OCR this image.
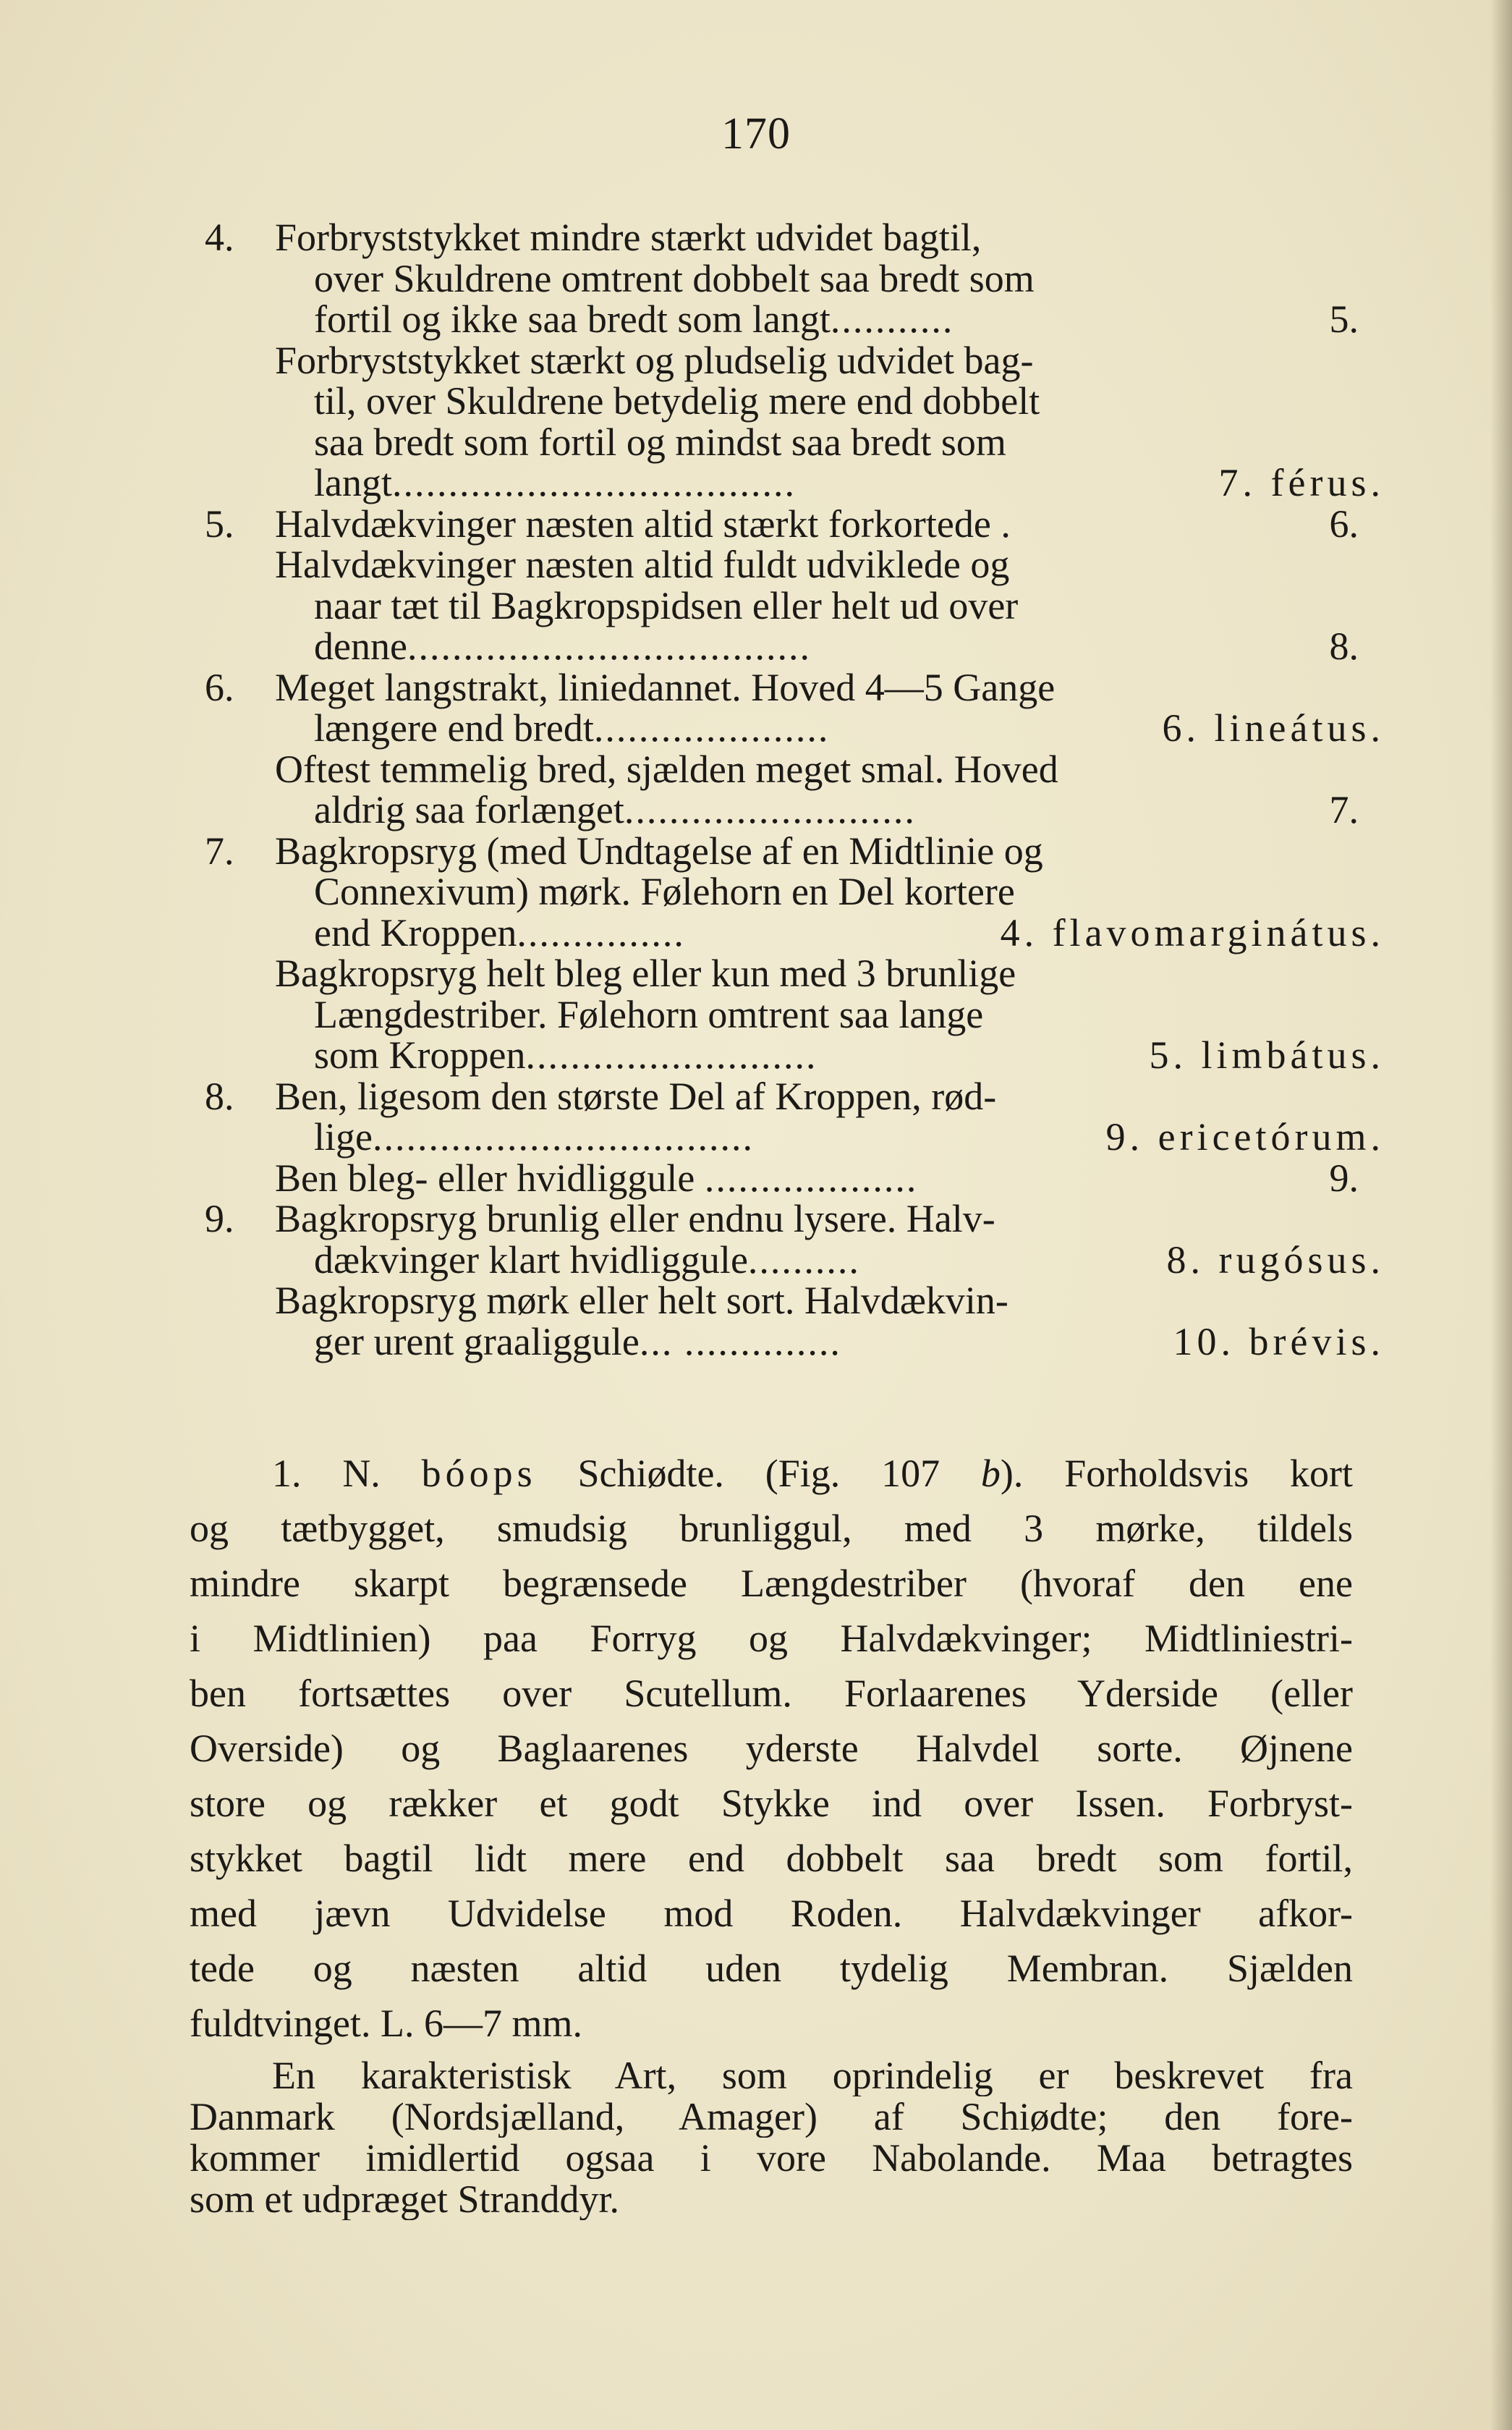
170
4. Forbryststykket mindre stærkt udvidet bagtil,
over Skuldrene omtrent dobbelt saa bredt som
fortil og ikke saa bredt som langt...........	5.
Forbryststykket stærkt og pludselig udvidet bag-
til, over Skuldrene betydelig mere end dobbelt
saa bredt som fortil og mindst saa bredt som
langt....................................	7. férus.
5. Halvdækvinger næsten altid stærkt forkortede .	6.
Halvdækvinger næsten altid fuldt udviklede og
naar tæt til Bagkropspidsen eller helt ud over
denne....................................	8.
6. Meget langstrakt, liniedannet. Hoved 4—5 Gange
længere end bredt.....................	6. lineátus.
Oftest temmelig bred, sjælden meget smal. Hoved
aldrig saa forlænget..........................	7.
7. Bagkropsryg (med Undtagelse af en Midtlinie og
Connexivum) mørk. Følehorn en Del kortere
end Kroppen...............	4. flavomarginátus.
Bagkropsryg helt bleg eller kun med 3 brunlige
Længdestriber. Følehorn omtrent saa lange
som Kroppen..........................	5. limbátus.
8. Ben, ligesom den største Del af Kroppen, rød-
lige..................................	9. ericetórum.
Ben bleg- eller hvidliggule ...................	9.
9. Bagkropsryg brunlig eller endnu lysere. Halv-
dækvinger klart hvidliggule..........	8. rugósus.
Bagkropsryg mørk eller helt sort. Halvdækvin-
ger urent graaliggule... ..............	10. brévis.
1. N. bóops Schiødte. (Fig. 107 b). Forholdsvis kort
og tætbygget, smudsig brunliggul, med 3 mørke, tildels
mindre skarpt begrænsede Længdestriber (hvoraf den ene
i Midtlinien) paa Forryg og Halvdækvinger; Midtliniestri-
ben fortsættes over Scutellum. Forlaarenes Yderside (eller
Overside) og Baglaarenes yderste Halvdel sorte. Øjnene
store og rækker et godt Stykke ind over Issen. Forbryst-
stykket bagtil lidt mere end dobbelt saa bredt som fortil,
med jævn Udvidelse mod Roden. Halvdækvinger afkor-
tede og næsten altid uden tydelig Membran. Sjælden
fuldtvinget. L. 6—7 mm.
En karakteristisk Art, som oprindelig er beskrevet fra
Danmark (Nordsjælland, Amager) af Schiødte; den fore-
kommer imidlertid ogsaa i vore Nabolande. Maa betragtes
som et udpræget Stranddyr.
